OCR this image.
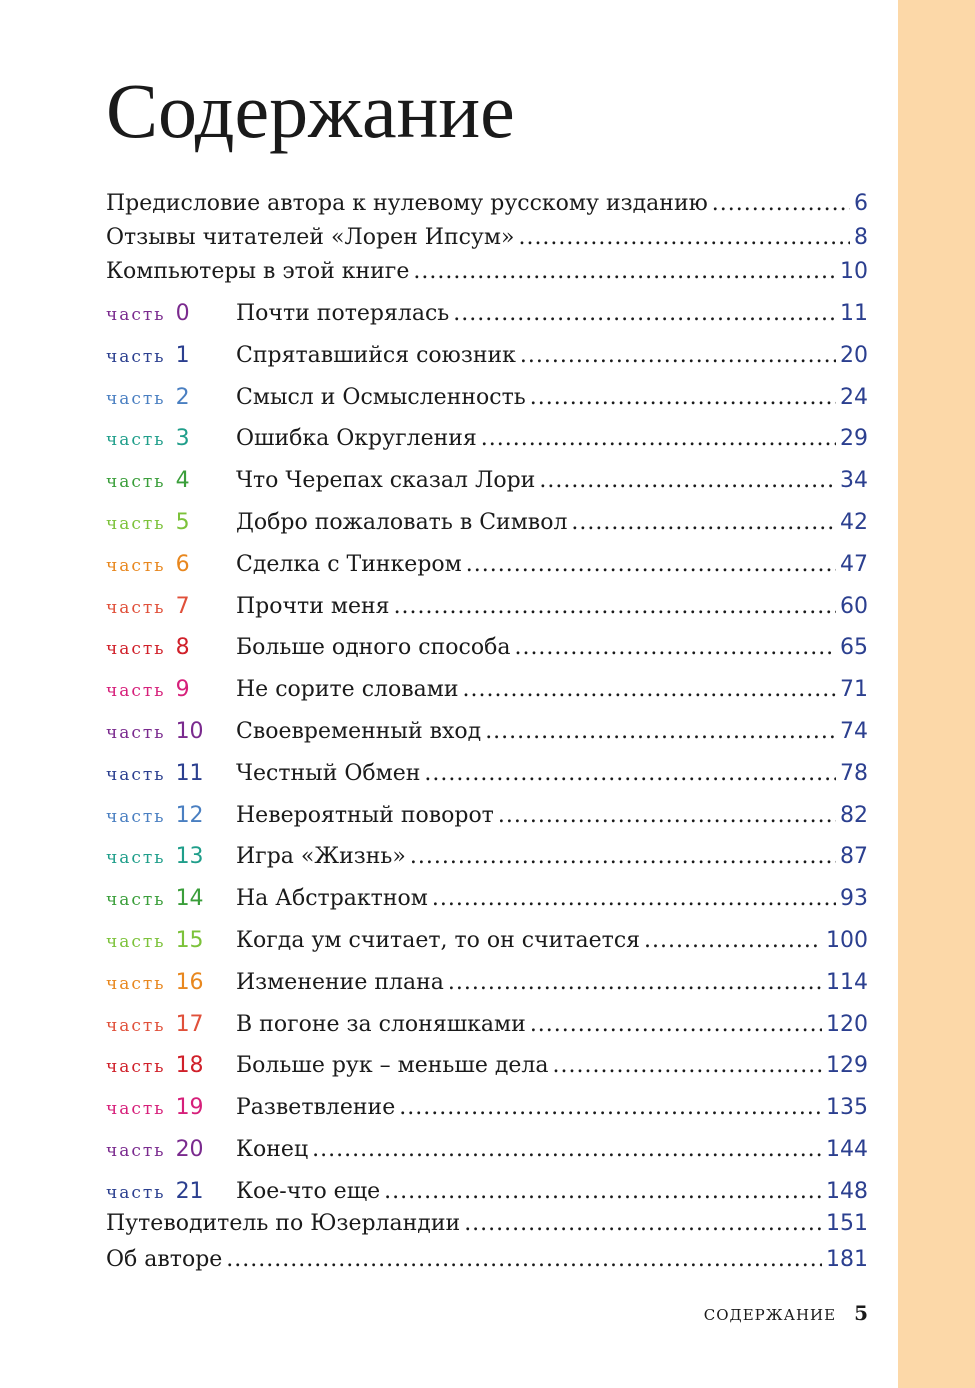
Содержание
Предисловие автора к нулевому русскому изданию .....	6
Отзывы читателей «Лорен Ипсум» .....	8
Компьютеры в этой книге .....	10
часть 0 Почти потерялась .....	11
часть 1 Спрятавшийся союзник .....	20
часть 2 Смысл и Осмысленность .....	24
часть 3 Ошибка Округления .....	29
часть 4 Что Черепах сказал Лори .....	34
часть 5 Добро пожаловать в Символ .....	42
часть 6 Сделка с Тинкером .....	47
часть 7 Прочти меня .....	60
часть 8 Больше одного способа .....	65
часть 9 Не сорите словами .....	71
часть 10 Своевременный вход .....	74
часть 11 Честный Обмен .....	78
часть 12 Невероятный поворот .....	82
часть 13 Игра «Жизнь» .....	87
часть 14 На Абстрактном .....	93
часть 15 Когда ум считает, то он считается .....	100
часть 16 Изменение плана .....	114
часть 17 В погоне за слоняшками .....	120
часть 18 Больше рук – меньше дела .....	129
часть 19 Разветвление .....	135
часть 20 Конец .....	144
часть 21 Кое-что еще .....	148
Путеводитель по Юзерландии .....	151
Об авторе .....	181
СОДЕРЖАНИЕ 5
